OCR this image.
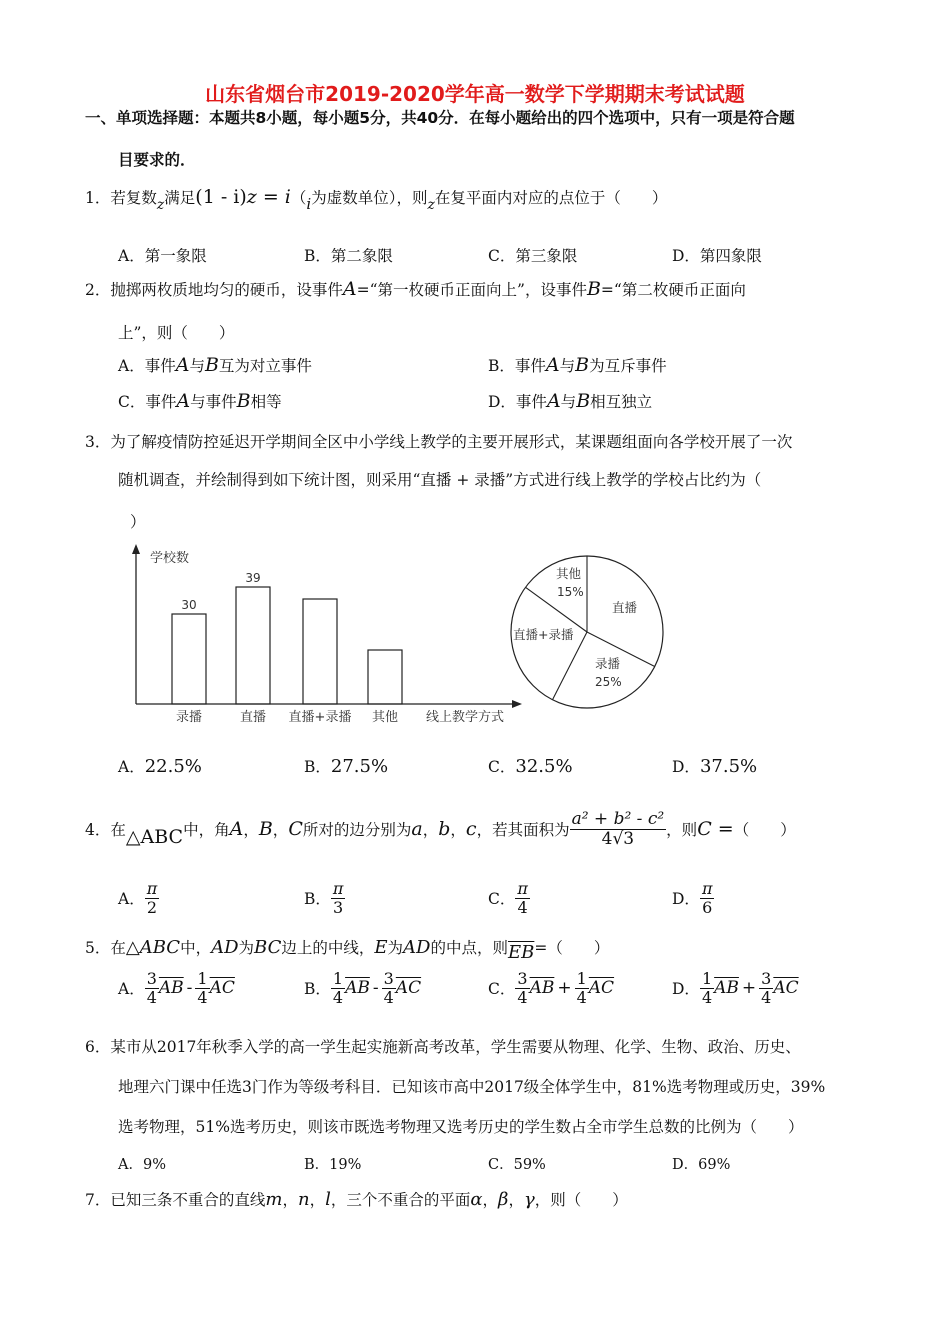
山东省烟台市2019-2020学年高一数学下学期期末考试试题
一、单项选择题：本题共8小题，每小题5分，共40分．在每小题给出的四个选项中，只有一项是符合题
目要求的．
1．若复数z满足(1 - i)z = i（i为虚数单位），则z在复平面内对应的点位于（　　）
A．第一象限	B．第二象限	C．第三象限	D．第四象限
2．抛掷两枚质地均匀的硬币，设事件A=“第一枚硬币正面向上”，设事件B=“第二枚硬币正面向
上”，则（　　）
A．事件A与B互为对立事件	B．事件A与B为互斥事件
C．事件A与事件B相等	D．事件A与B相互独立
3．为了解疫情防控延迟开学期间全区中小学线上教学的主要开展形式，某课题组面向各学校开展了一次
随机调查，并绘制得到如下统计图，则采用“直播 + 录播”方式进行线上教学的学校占比约为（
）
30
录播
39
直播 直播+录播 其他
学校数
线上教学方式
其他
15%
直播
录播
25%
直播+录播
A．22.5%	B．27.5%	C．32.5%	D．37.5%
4．在 △ABC 中，角 A ， B ， C 所对的边分别为 a ， b ， c ，若其面积为 $\frac{\text{a² + b² - c²}}{4√3}$ ，则 C = （　　）
A． $\frac{\pi}{2}$	B． $\frac{\pi}{3}$	C． $\frac{\pi}{4}$	D． $\frac{\pi}{6}$
5．在△ABC中，AD为BC边上的中线，E为AD的中点，则$\overline{EB}=$（　　）
A． $\frac{3}{4} \overline{AB} - \frac{1}{4} \overline{AC}$	B． $\frac{1}{4} \overline{AB} - \frac{3}{4} \overline{AC}$	C． $\frac{3}{4} \overline{AB} + \frac{1}{4} \overline{AC}$	D． $\frac{1}{4} \overline{AB} + \frac{3}{4} \overline{AC}$
6．某市从2017年秋季入学的高一学生起实施新高考改革，学生需要从物理、化学、生物、政治、历史、
地理六门课中任选3门作为等级考科目．已知该市高中2017级全体学生中，81%选考物理或历史，39%
选考物理，51%选考历史，则该市既选考物理又选考历史的学生数占全市学生总数的比例为（　　）
A．9%	B．19%	C．59%	D．69%
7．已知三条不重合的直线m，n，l，三个不重合的平面α，β，γ，则（　　）
